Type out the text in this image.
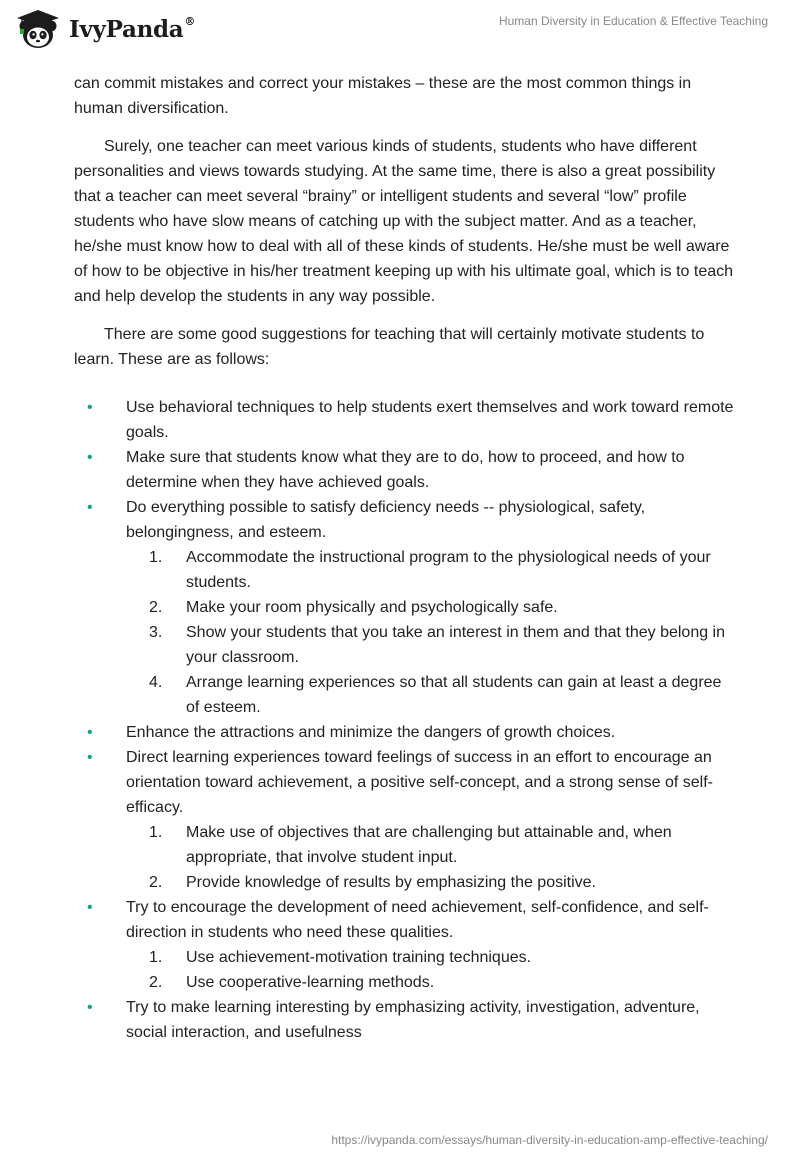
IvyPanda®	Human Diversity in Education & Effective Teaching

can commit mistakes and correct your mistakes – these are the most common things in human diversification.

Surely, one teacher can meet various kinds of students, students who have different personalities and views towards studying. At the same time, there is also a great possibility that a teacher can meet several “brainy” or intelligent students and several “low” profile students who have slow means of catching up with the subject matter. And as a teacher, he/she must know how to deal with all of these kinds of students. He/she must be well aware of how to be objective in his/her treatment keeping up with his ultimate goal, which is to teach and help develop the students in any way possible.

There are some good suggestions for teaching that will certainly motivate students to learn. These are as follows:

• Use behavioral techniques to help students exert themselves and work toward remote goals.
• Make sure that students know what they are to do, how to proceed, and how to determine when they have achieved goals.
• Do everything possible to satisfy deficiency needs -- physiological, safety, belongingness, and esteem.
1. Accommodate the instructional program to the physiological needs of your students.
2. Make your room physically and psychologically safe.
3. Show your students that you take an interest in them and that they belong in your classroom.
4. Arrange learning experiences so that all students can gain at least a degree of esteem.
• Enhance the attractions and minimize the dangers of growth choices.
• Direct learning experiences toward feelings of success in an effort to encourage an orientation toward achievement, a positive self-concept, and a strong sense of self-efficacy.
1. Make use of objectives that are challenging but attainable and, when appropriate, that involve student input.
2. Provide knowledge of results by emphasizing the positive.
• Try to encourage the development of need achievement, self-confidence, and self-direction in students who need these qualities.
1. Use achievement-motivation training techniques.
2. Use cooperative-learning methods.
• Try to make learning interesting by emphasizing activity, investigation, adventure, social interaction, and usefulness
https://ivypanda.com/essays/human-diversity-in-education-amp-effective-teaching/
